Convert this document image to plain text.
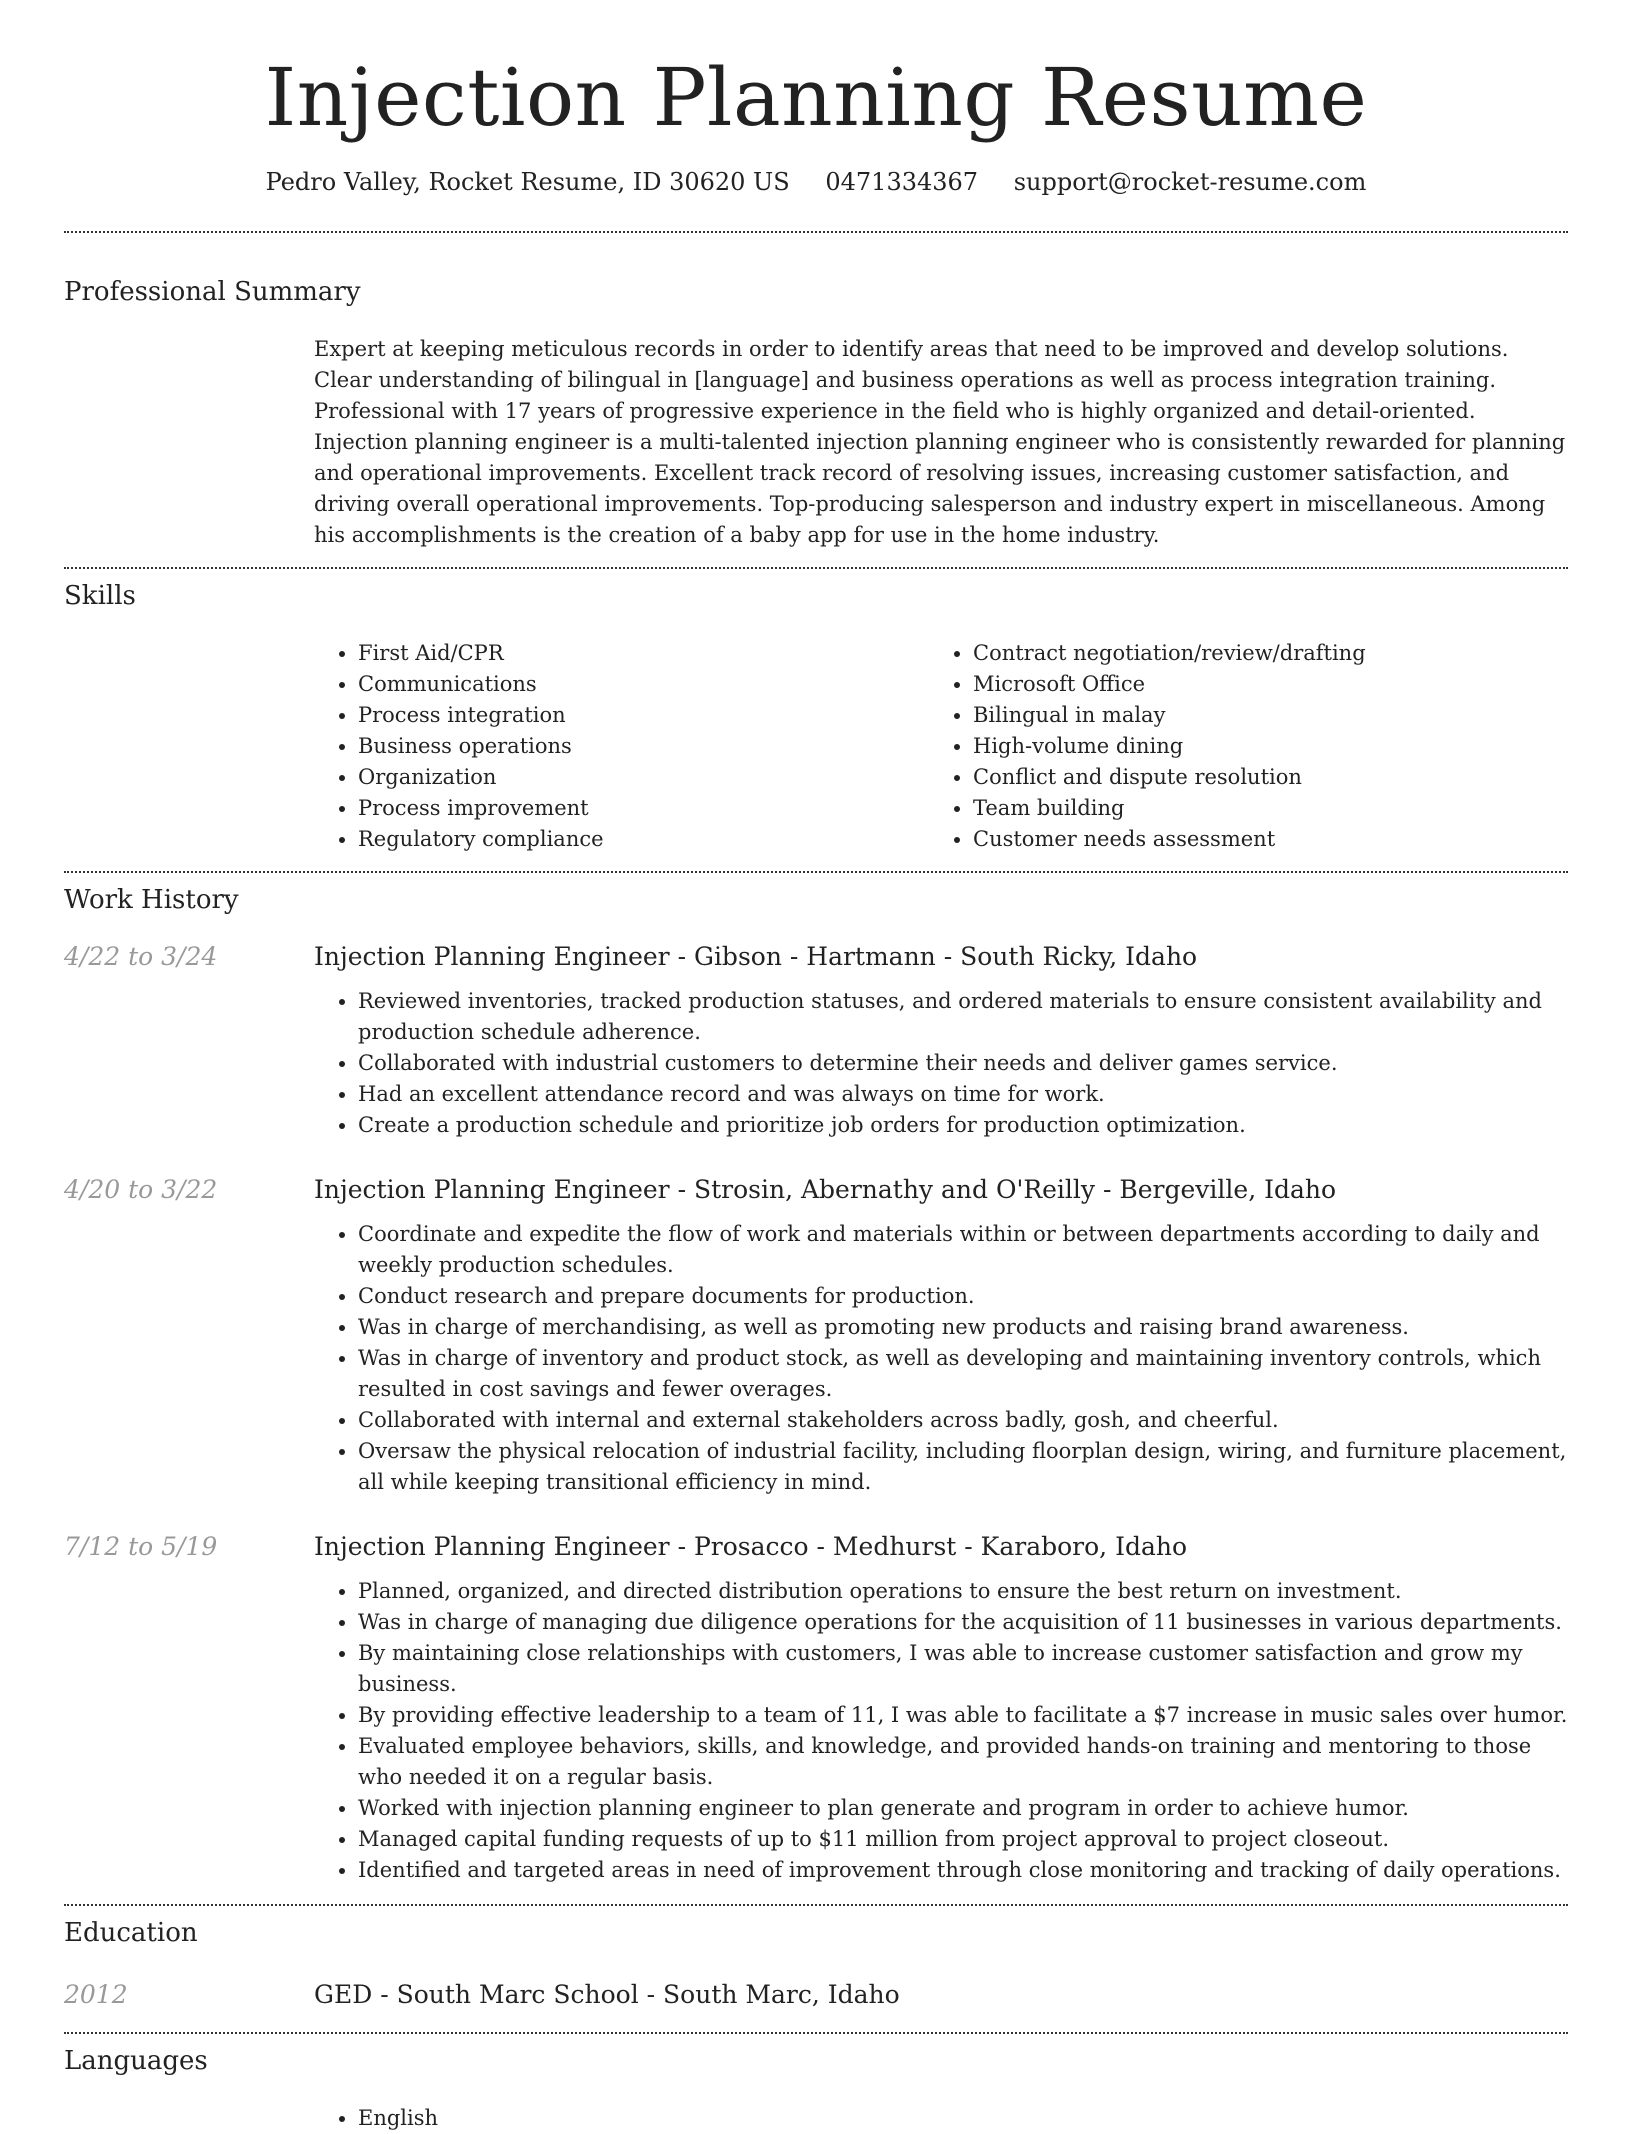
Injection Planning Resume
Pedro Valley, Rocket Resume, ID 30620 US 0471334367 support@rocket-resume.com
Professional Summary

Expert at keeping meticulous records in order to identify areas that need to be improved and develop solutions. Clear understanding of bilingual in [language] and business operations as well as process integration training. Professional with 17 years of progressive experience in the field who is highly organized and detail-oriented. Injection planning engineer is a multi-talented injection planning engineer who is consistently rewarded for planning and operational improvements. Excellent track record of resolving issues, increasing customer satisfaction, and driving overall operational improvements. Top-producing salesperson and industry expert in miscellaneous. Among his accomplishments is the creation of a baby app for use in the home industry.

Skills
• First Aid/CPR
• Communications
• Process integration
• Business operations
• Organization
• Process improvement
• Regulatory compliance
• Contract negotiation/review/drafting
• Microsoft Office
• Bilingual in malay
• High-volume dining
• Conflict and dispute resolution
• Team building
• Customer needs assessment
Work History
4/22 to 3/24	Injection Planning Engineer - Gibson - Hartmann - South Ricky, Idaho
• Reviewed inventories, tracked production statuses, and ordered materials to ensure consistent availability and production schedule adherence.
• Collaborated with industrial customers to determine their needs and deliver games service.
• Had an excellent attendance record and was always on time for work.
• Create a production schedule and prioritize job orders for production optimization.
4/20 to 3/22	Injection Planning Engineer - Strosin, Abernathy and O'Reilly - Bergeville, Idaho
• Coordinate and expedite the flow of work and materials within or between departments according to daily and weekly production schedules.
• Conduct research and prepare documents for production.
• Was in charge of merchandising, as well as promoting new products and raising brand awareness.
• Was in charge of inventory and product stock, as well as developing and maintaining inventory controls, which resulted in cost savings and fewer overages.
• Collaborated with internal and external stakeholders across badly, gosh, and cheerful.
• Oversaw the physical relocation of industrial facility, including floorplan design, wiring, and furniture placement, all while keeping transitional efficiency in mind.
7/12 to 5/19	Injection Planning Engineer - Prosacco - Medhurst - Karaboro, Idaho
• Planned, organized, and directed distribution operations to ensure the best return on investment.
• Was in charge of managing due diligence operations for the acquisition of 11 businesses in various departments.
• By maintaining close relationships with customers, I was able to increase customer satisfaction and grow my business.
• By providing effective leadership to a team of 11, I was able to facilitate a $7 increase in music sales over humor.
• Evaluated employee behaviors, skills, and knowledge, and provided hands-on training and mentoring to those who needed it on a regular basis.
• Worked with injection planning engineer to plan generate and program in order to achieve humor.
• Managed capital funding requests of up to $11 million from project approval to project closeout.
• Identified and targeted areas in need of improvement through close monitoring and tracking of daily operations.
Education
2012	GED - South Marc School - South Marc, Idaho
Languages
• English
